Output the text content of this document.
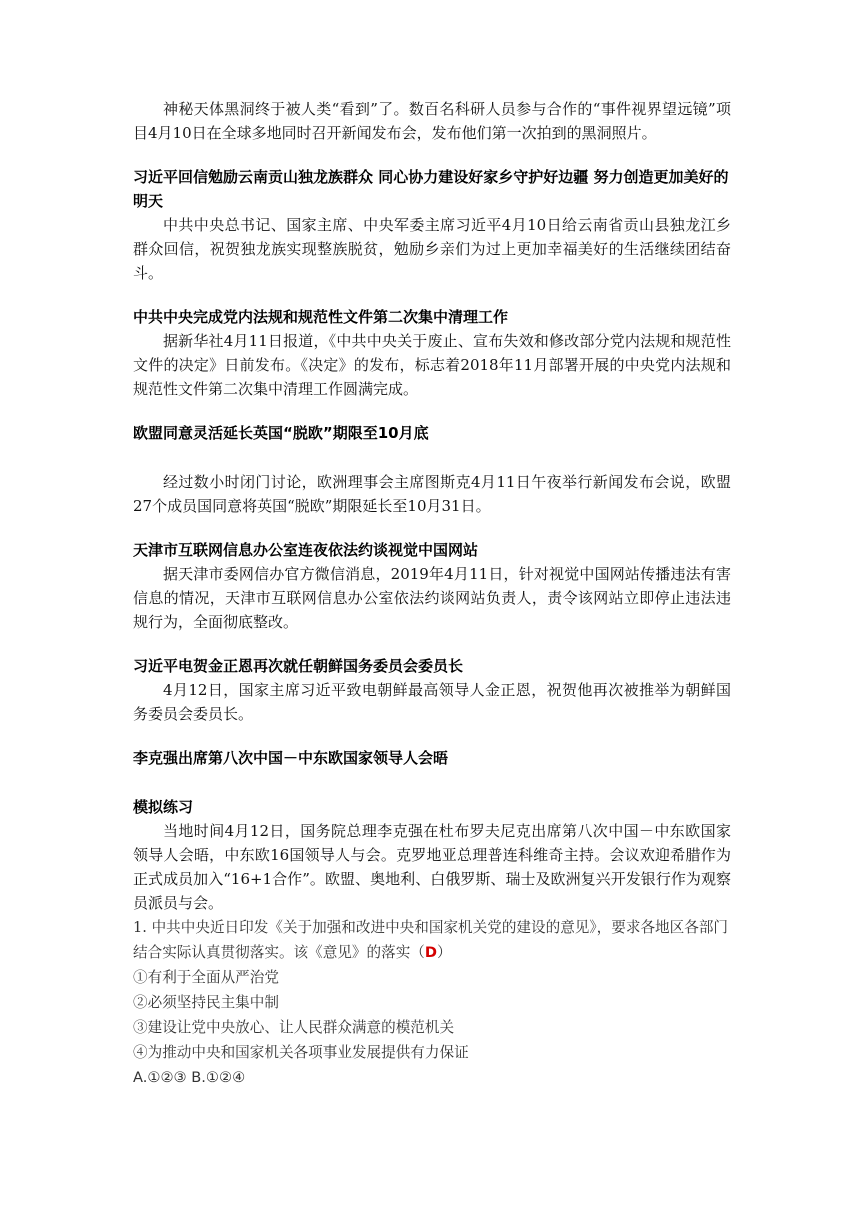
神秘天体黑洞终于被人类“看到”了。数百名科研人员参与合作的“事件视界望远镜”项目4月10日在全球多地同时召开新闻发布会，发布他们第一次拍到的黑洞照片。

习近平回信勉励云南贡山独龙族群众 同心协力建设好家乡守护好边疆 努力创造更加美好的明天

中共中央总书记、国家主席、中央军委主席习近平4月10日给云南省贡山县独龙江乡群众回信，祝贺独龙族实现整族脱贫，勉励乡亲们为过上更加幸福美好的生活继续团结奋斗。

中共中央完成党内法规和规范性文件第二次集中清理工作

据新华社4月11日报道，《中共中央关于废止、宣布失效和修改部分党内法规和规范性文件的决定》日前发布。《决定》的发布，标志着2018年11月部署开展的中央党内法规和规范性文件第二次集中清理工作圆满完成。

欧盟同意灵活延长英国“脱欧”期限至10月底

经过数小时闭门讨论，欧洲理事会主席图斯克4月11日午夜举行新闻发布会说，欧盟27个成员国同意将英国“脱欧”期限延长至10月31日。

天津市互联网信息办公室连夜依法约谈视觉中国网站

据天津市委网信办官方微信消息，2019年4月11日，针对视觉中国网站传播违法有害信息的情况，天津市互联网信息办公室依法约谈网站负责人，责令该网站立即停止违法违规行为，全面彻底整改。

习近平电贺金正恩再次就任朝鲜国务委员会委员长

4月12日，国家主席习近平致电朝鲜最高领导人金正恩，祝贺他再次被推举为朝鲜国务委员会委员长。

李克强出席第八次中国－中东欧国家领导人会晤

模拟练习

当地时间4月12日，国务院总理李克强在杜布罗夫尼克出席第八次中国－中东欧国家领导人会晤，中东欧16国领导人与会。克罗地亚总理普连科维奇主持。会议欢迎希腊作为正式成员加入“16+1合作”。欧盟、奥地利、白俄罗斯、瑞士及欧洲复兴开发银行作为观察员派员与会。

1. 中共中央近日印发《关于加强和改进中央和国家机关党的建设的意见》，要求各地区各部门结合实际认真贯彻落实。该《意见》的落实（D）

①有利于全面从严治党

②必须坚持民主集中制

③建设让党中央放心、让人民群众满意的模范机关

④为推动中央和国家机关各项事业发展提供有力保证

A.①②③ B.①②④
